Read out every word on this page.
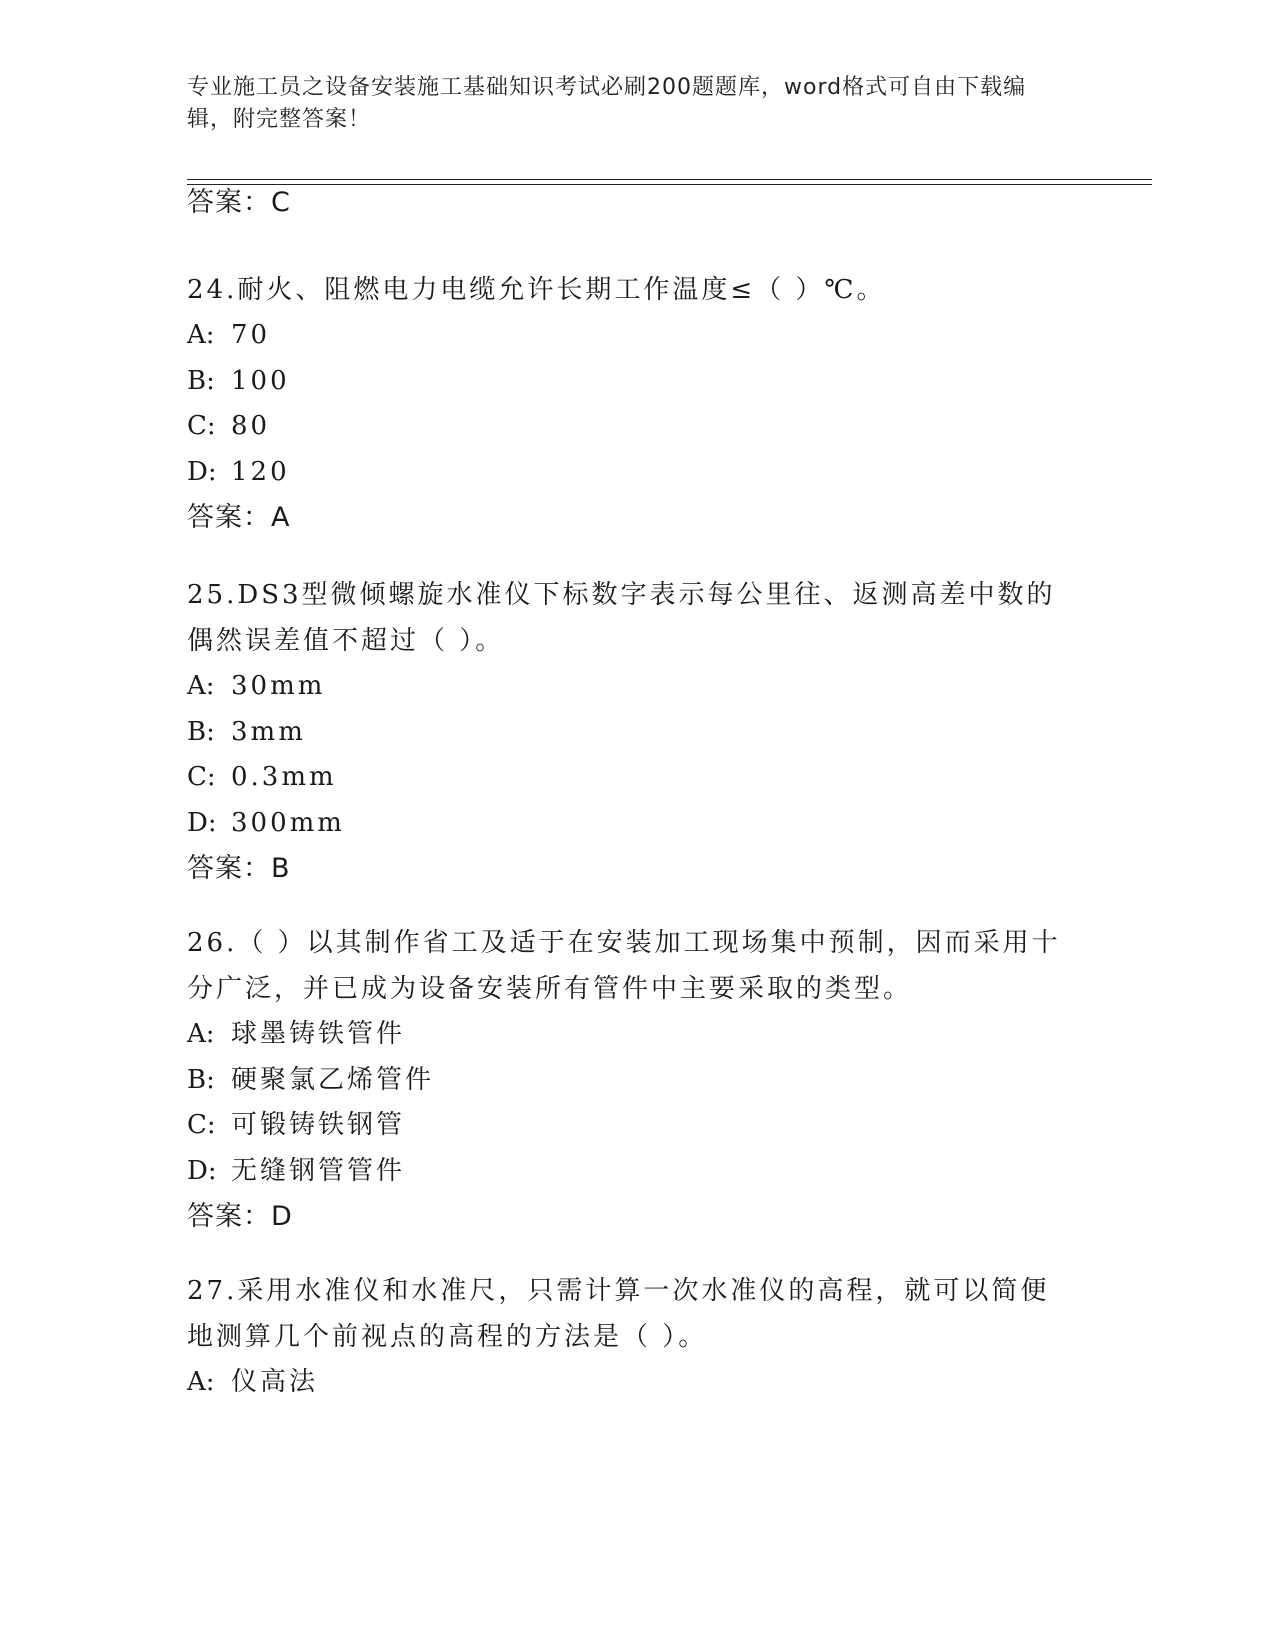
专业施工员之设备安装施工基础知识考试必刷200题题库，word格式可自由下载编辑，附完整答案！
答案：C
24.耐火、阻燃电力电缆允许长期工作温度≤（ ）℃。
A: 70
B: 100
C: 80
D: 120
答案：A
25.DS3型微倾螺旋水准仪下标数字表示每公里往、返测高差中数的偶然误差值不超过（ ）。
A: 30mm
B: 3mm
C: 0.3mm
D: 300mm
答案：B
26.（ ）以其制作省工及适于在安装加工现场集中预制，因而采用十分广泛，并已成为设备安装所有管件中主要采取的类型。
A: 球墨铸铁管件
B: 硬聚氯乙烯管件
C: 可锻铸铁钢管
D: 无缝钢管管件
答案：D
27.采用水准仪和水准尺，只需计算一次水准仪的高程，就可以简便地测算几个前视点的高程的方法是（ ）。
A: 仪高法
